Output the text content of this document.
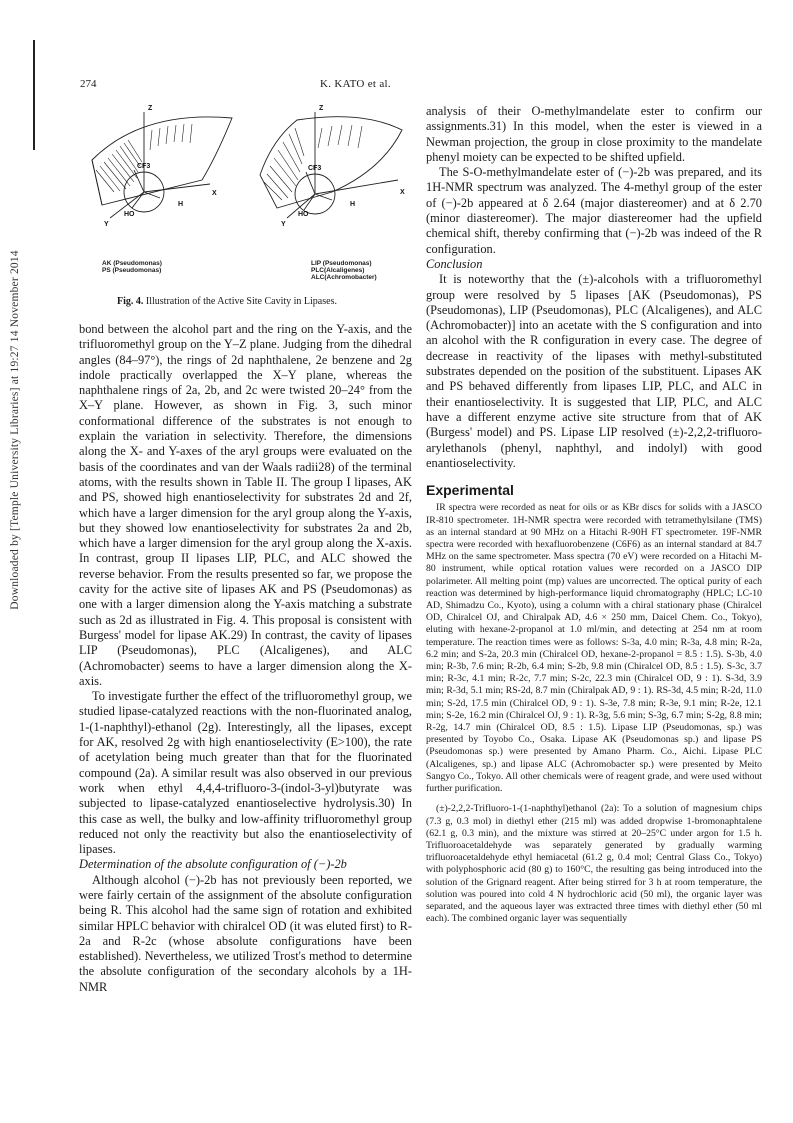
Downloaded by [Temple University Libraries] at 19:27 14 November 2014
274	K. KATO et al.
Z
X
Y
H
HO
CF3
Z
X
Y
H
HO
CF3
AK (Pseudomonas)
PS (Pseudomonas)
LIP (Pseudomonas)
PLC(Alcaligenes)
ALC(Achromobacter)
Fig. 4. Illustration of the Active Site Cavity in Lipases.

bond between the alcohol part and the ring on the Y-axis, and the trifluoromethyl group on the Y–Z plane. Judging from the dihedral angles (84–97°), the rings of 2d naphthalene, 2e benzene and 2g indole practically overlapped the X–Y plane, whereas the naphthalene rings of 2a, 2b, and 2c were twisted 20–24° from the X–Y plane. However, as shown in Fig. 3, such minor conformational difference of the substrates is not enough to explain the variation in selectivity. Therefore, the dimensions along the X- and Y-axes of the aryl groups were evaluated on the basis of the coordinates and van der Waals radii28) of the terminal atoms, with the results shown in Table II. The group I lipases, AK and PS, showed high enantioselectivity for substrates 2d and 2f, which have a larger dimension for the aryl group along the Y-axis, but they showed low enantioselectivity for substrates 2a and 2b, which have a larger dimension for the aryl group along the X-axis. In contrast, group II lipases LIP, PLC, and ALC showed the reverse behavior. From the results presented so far, we propose the cavity for the active site of lipases AK and PS (Pseudomonas) as one with a larger dimension along the Y-axis matching a substrate such as 2d as illustrated in Fig. 4. This proposal is consistent with Burgess' model for lipase AK.29) In contrast, the cavity of lipases LIP (Pseudomonas), PLC (Alcaligenes), and ALC (Achromobacter) seems to have a larger dimension along the X-axis.

To investigate further the effect of the trifluoromethyl group, we studied lipase-catalyzed reactions with the non-fluorinated analog, 1-(1-naphthyl)-ethanol (2g). Interestingly, all the lipases, except for AK, resolved 2g with high enantioselectivity (E>100), the rate of acetylation being much greater than that for the fluorinated compound (2a). A similar result was also observed in our previous work when ethyl 4,4,4-trifluoro-3-(indol-3-yl)butyrate was subjected to lipase-catalyzed enantioselective hydrolysis.30) In this case as well, the bulky and low-affinity trifluoromethyl group reduced not only the reactivity but also the enantioselectivity of lipases.

Determination of the absolute configuration of (−)-2b

Although alcohol (−)-2b has not previously been reported, we were fairly certain of the assignment of the absolute configuration being R. This alcohol had the same sign of rotation and exhibited similar HPLC behavior with chiralcel OD (it was eluted first) to R-2a and R-2c (whose absolute configurations have been established). Nevertheless, we utilized Trost's method to determine the absolute configuration of the secondary alcohols by a 1H-NMR

analysis of their O-methylmandelate ester to confirm our assignments.31) In this model, when the ester is viewed in a Newman projection, the group in close proximity to the mandelate phenyl moiety can be expected to be shifted upfield.

The S-O-methylmandelate ester of (−)-2b was prepared, and its 1H-NMR spectrum was analyzed. The 4-methyl group of the ester of (−)-2b appeared at δ 2.64 (major diastereomer) and at δ 2.70 (minor diastereomer). The major diastereomer had the upfield chemical shift, thereby confirming that (−)-2b was indeed of the R configuration.

Conclusion

It is noteworthy that the (±)-alcohols with a trifluoromethyl group were resolved by 5 lipases [AK (Pseudomonas), PS (Pseudomonas), LIP (Pseudomonas), PLC (Alcaligenes), and ALC (Achromobacter)] into an acetate with the S configuration and into an alcohol with the R configuration in every case. The degree of decrease in reactivity of the lipases with methyl-substituted substrates depended on the position of the substituent. Lipases AK and PS behaved differently from lipases LIP, PLC, and ALC in their enantioselectivity. It is suggested that LIP, PLC, and ALC have a different enzyme active site structure from that of AK (Burgess' model) and PS. Lipase LIP resolved (±)-2,2,2-trifluoro-arylethanols (phenyl, naphthyl, and indolyl) with good enantioselectivity.

Experimental

IR spectra were recorded as neat for oils or as KBr discs for solids with a JASCO IR-810 spectrometer. 1H-NMR spectra were recorded with tetramethylsilane (TMS) as an internal standard at 90 MHz on a Hitachi R-90H FT spectrometer. 19F-NMR spectra were recorded with hexafluorobenzene (C6F6) as an internal standard at 84.7 MHz on the same spectrometer. Mass spectra (70 eV) were recorded on a Hitachi M-80 instrument, while optical rotation values were recorded on a JASCO DIP polarimeter. All melting point (mp) values are uncorrected. The optical purity of each reaction was determined by high-performance liquid chromatography (HPLC; LC-10 AD, Shimadzu Co., Kyoto), using a column with a chiral stationary phase (Chiralcel OD, Chiralcel OJ, and Chiralpak AD, 4.6 × 250 mm, Daicel Chem. Co., Tokyo), eluting with hexane-2-propanol at 1.0 ml/min, and detecting at 254 nm at room temperature. The reaction times were as follows: S-3a, 4.0 min; R-3a, 4.8 min; R-2a, 6.2 min; and S-2a, 20.3 min (Chiralcel OD, hexane-2-propanol = 8.5 : 1.5). S-3b, 4.0 min; R-3b, 7.6 min; R-2b, 6.4 min; S-2b, 9.8 min (Chiralcel OD, 8.5 : 1.5). S-3c, 3.7 min; R-3c, 4.1 min; R-2c, 7.7 min; S-2c, 22.3 min (Chiralcel OD, 9 : 1). S-3d, 3.9 min; R-3d, 5.1 min; RS-2d, 8.7 min (Chiralpak AD, 9 : 1). RS-3d, 4.5 min; R-2d, 11.0 min; S-2d, 17.5 min (Chiralcel OD, 9 : 1). S-3e, 7.8 min; R-3e, 9.1 min; R-2e, 12.1 min; S-2e, 16.2 min (Chiralcel OJ, 9 : 1). R-3g, 5.6 min; S-3g, 6.7 min; S-2g, 8.8 min; R-2g, 14.7 min (Chiralcel OD, 8.5 : 1.5). Lipase LIP (Pseudomonas, sp.) was presented by Toyobo Co., Osaka. Lipase AK (Pseudomonas sp.) and lipase PS (Pseudomonas sp.) were presented by Amano Pharm. Co., Aichi. Lipase PLC (Alcaligenes, sp.) and lipase ALC (Achromobacter sp.) were presented by Meito Sangyo Co., Tokyo. All other chemicals were of reagent grade, and were used without further purification.

(±)-2,2,2-Trifluoro-1-(1-naphthyl)ethanol (2a): To a solution of magnesium chips (7.3 g, 0.3 mol) in diethyl ether (215 ml) was added dropwise 1-bromonaphtalene (62.1 g, 0.3 min), and the mixture was stirred at 20–25°C under argon for 1.5 h. Trifluoroacetaldehyde was separately generated by gradually warming trifluoroacetaldehyde ethyl hemiacetal (61.2 g, 0.4 mol; Central Glass Co., Tokyo) with polyphosphoric acid (80 g) to 160°C, the resulting gas being introduced into the solution of the Grignard reagent. After being stirred for 3 h at room temperature, the solution was poured into cold 4 N hydrochloric acid (50 ml), the organic layer was separated, and the aqueous layer was extracted three times with diethyl ether (50 ml each). The combined organic layer was sequentially
